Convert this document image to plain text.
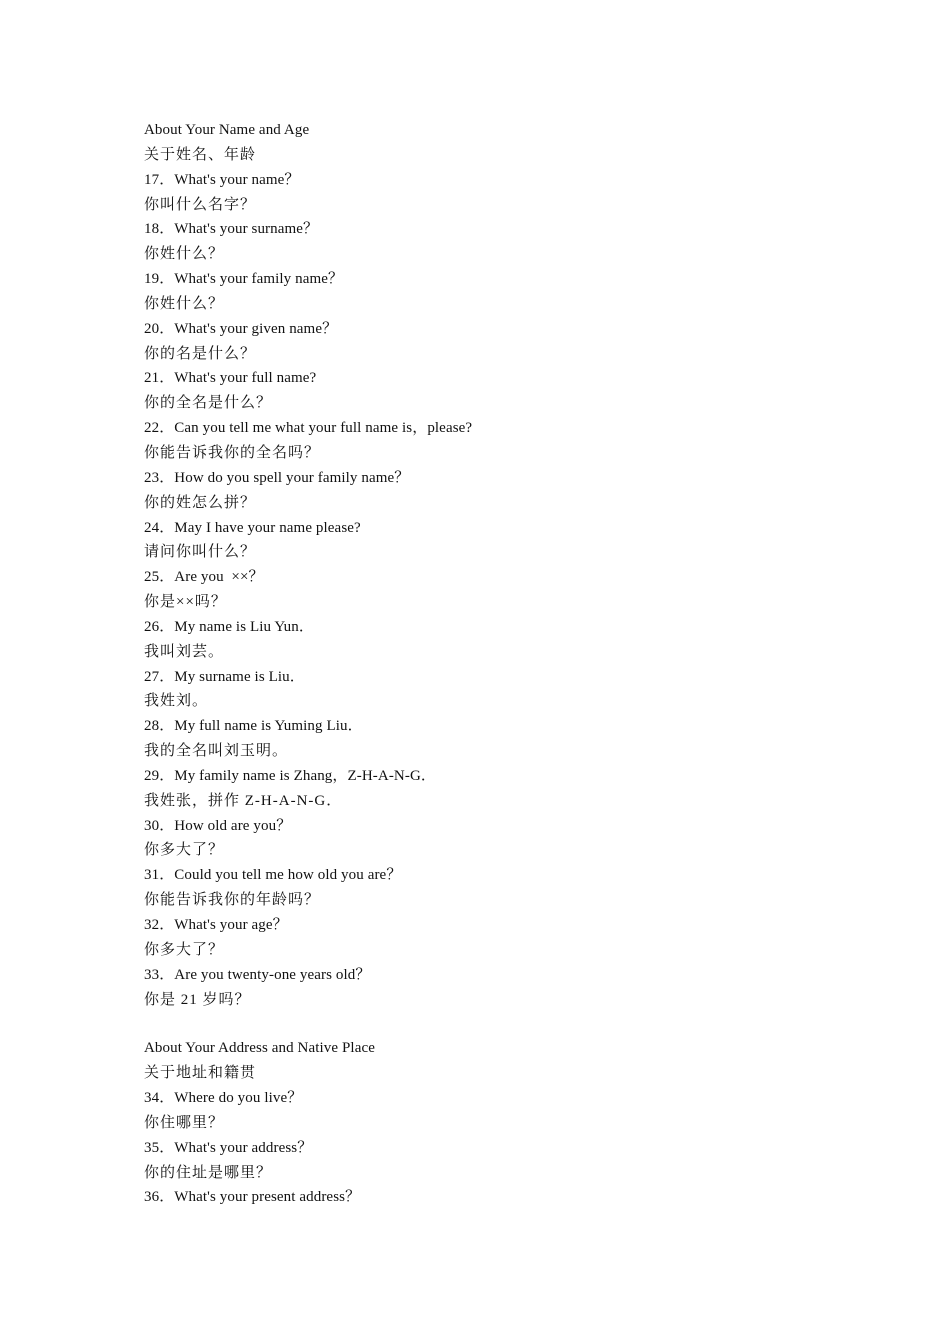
About Your Name and Age
关于姓名、年龄
17．What's your name？
你叫什么名字？
18．What's your surname？
你姓什么？
19．What's your family name？
你姓什么？
20．What's your given name？
你的名是什么？
21．What's your full name?
你的全名是什么？
22．Can you tell me what your full name is，please?
你能告诉我你的全名吗？
23．How do you spell your family name？
你的姓怎么拼？
24．May I have your name please?
请问你叫什么？
25．Are you  ××？
你是××吗？
26．My name is Liu Yun．
我叫刘芸。
27．My surname is Liu．
我姓刘。
28．My full name is Yuming Liu．
我的全名叫刘玉明。
29．My family name is Zhang，Z-H-A-N-G．
我姓张，拼作 Z-H-A-N-G．
30．How old are you？
你多大了？
31．Could you tell me how old you are？
你能告诉我你的年龄吗？
32．What's your age？
你多大了？
33．Are you twenty-one years old？
你是 21 岁吗？
About Your Address and Native Place
关于地址和籍贯
34．Where do you live？
你住哪里？
35．What's your address？
你的住址是哪里？
36．What's your present address？
